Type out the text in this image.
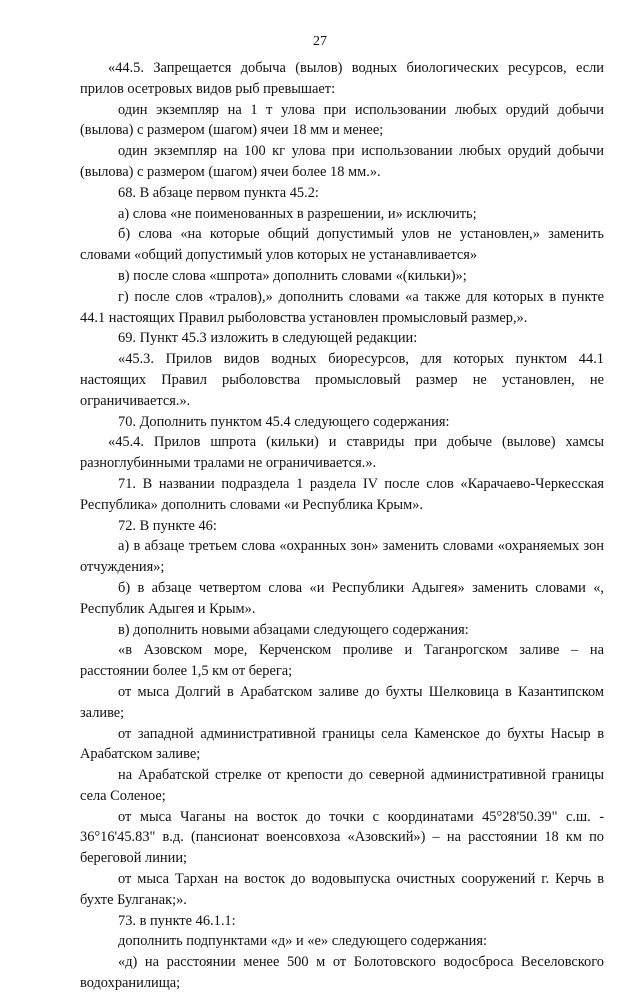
27

«44.5. Запрещается добыча (вылов) водных биологических ресурсов, если прилов осетровых видов рыб превышает:

один экземпляр на 1 т улова при использовании любых орудий добычи (вылова) с размером (шагом) ячеи 18 мм и менее;

один экземпляр на 100 кг улова при использовании любых орудий добычи (вылова) с размером (шагом) ячеи более 18 мм.».

68. В абзаце первом пункта 45.2:

а) слова «не поименованных в разрешении, и» исключить;

б) слова «на которые общий допустимый улов не установлен,» заменить словами «общий допустимый улов которых не устанавливается»

в) после слова «шпрота» дополнить словами «(кильки)»;

г) после слов «тралов),» дополнить словами «а также для которых в пункте 44.1 настоящих Правил рыболовства установлен промысловый размер,».

69. Пункт 45.3 изложить в следующей редакции:

«45.3. Прилов видов водных биоресурсов, для которых пунктом 44.1 настоящих Правил рыболовства промысловый размер не установлен, не ограничивается.».

70. Дополнить пунктом 45.4 следующего содержания:

«45.4. Прилов шпрота (кильки) и ставриды при добыче (вылове) хамсы разноглубинными тралами не ограничивается.».

71. В названии подраздела 1 раздела IV после слов «Карачаево-Черкесская Республика» дополнить словами «и Республика Крым».

72. В пункте 46:

а) в абзаце третьем слова «охранных зон» заменить словами «охраняемых зон отчуждения»;

б) в абзаце четвертом слова «и Республики Адыгея» заменить словами «, Республик Адыгея и Крым».

в) дополнить новыми абзацами следующего содержания:

«в Азовском море, Керченском проливе и Таганрогском заливе – на расстоянии более 1,5 км от берега;

от мыса Долгий в Арабатском заливе до бухты Шелковица в Казантипском заливе;

от западной административной границы села Каменское до бухты Насыр в Арабатском заливе;

на Арабатской стрелке от крепости до северной административной границы села Соленое;

от мыса Чаганы на восток до точки с координатами 45°28'50.39" с.ш. - 36°16'45.83" в.д. (пансионат военсовхоза «Азовский») – на расстоянии 18 км по береговой линии;

от мыса Тархан на восток до водовыпуска очистных сооружений г. Керчь в бухте Булганак;».

73. в пункте 46.1.1:

дополнить подпунктами «д» и «е» следующего содержания:

«д) на расстоянии менее 500 м от Болотовского водосброса Веселовского водохранилища;
